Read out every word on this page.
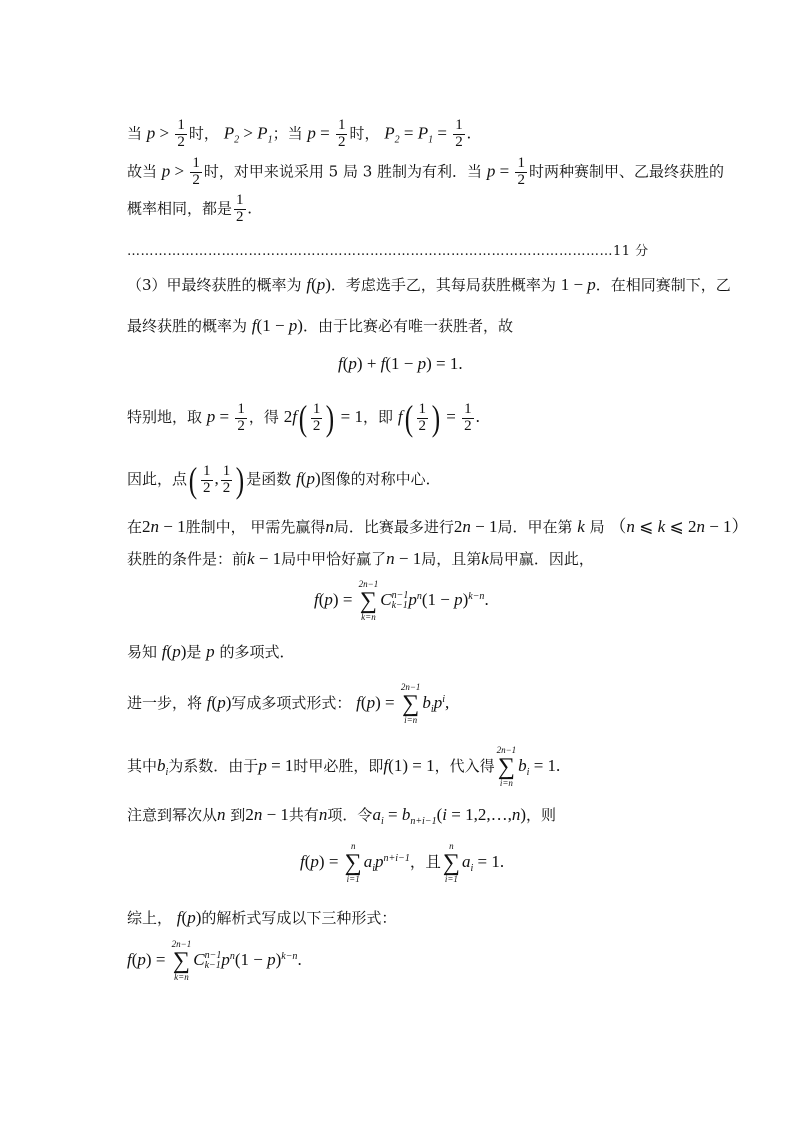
当 $p > \frac{1}{2}$ 时， $P_2 > P_1$；当 $p = \frac{1}{2}$ 时， $P_2 = P_1 = \frac{1}{2}$ .
故当 $p > \frac{1}{2}$ 时，对甲来说采用 5 局 3 胜制为有利．当 $p = \frac{1}{2}$ 时两种赛制甲、乙最终获胜的
概率相同，都是 $\frac{1}{2}$ .
………………………………………………………………………………………………11 分
（3）甲最终获胜的概率为 f(p)．考虑选手乙，其每局获胜概率为 1 − p．在相同赛制下，乙
最终获胜的概率为 f(1 − p)．由于比赛必有唯一获胜者，故
f(p) + f(1 − p) = 1.
特别地，取 $p = \frac{1}{2}$ ，得 $2f( \frac{1}{2}$ ) = 1，即 $f( \frac{1}{2}$ ) = $\frac{1}{2}$ .
因此，点( $\frac{1}{2}$ , $\frac{1}{2}$ ) 是函数 f(p)图像的对称中心．
在2n − 1胜制中， 甲需先赢得n局．比赛最多进行2n − 1局．甲在第 k 局 （n ⩽ k ⩽ 2n − 1）
获胜的条件是：前k − 1局中甲恰好赢了n − 1局，且第k局甲赢．因此，
f(p) =
2n−1
∑
k=n
C n−1
k−1 $p^n(1 - p)^{k-n}$.
易知 f(p)是 p 的多项式．
进一步，将 f(p)写成多项式形式： f(p) =
2n−1
∑
i=n
$b_ip^i$,
其中$b_i$为系数．由于p = 1时甲必胜，即f(1) = 1，代入得
2n−1
∑
i=n
$b_i = 1$.
注意到幂次从n 到2n − 1共有n项．令$a_i = b_{n+i-1}(i$ = 1,2,…,n)，则
f(p) =
n
∑
i=1
$a_ip^{n+i-1}$，且
n
∑
i=1
$a_i = 1$.
综上， f(p)的解析式写成以下三种形式：
f(p) =
2n−1
∑
k=n
C n−1
k−1 $p^n(1 - p)^{k-n}$.
